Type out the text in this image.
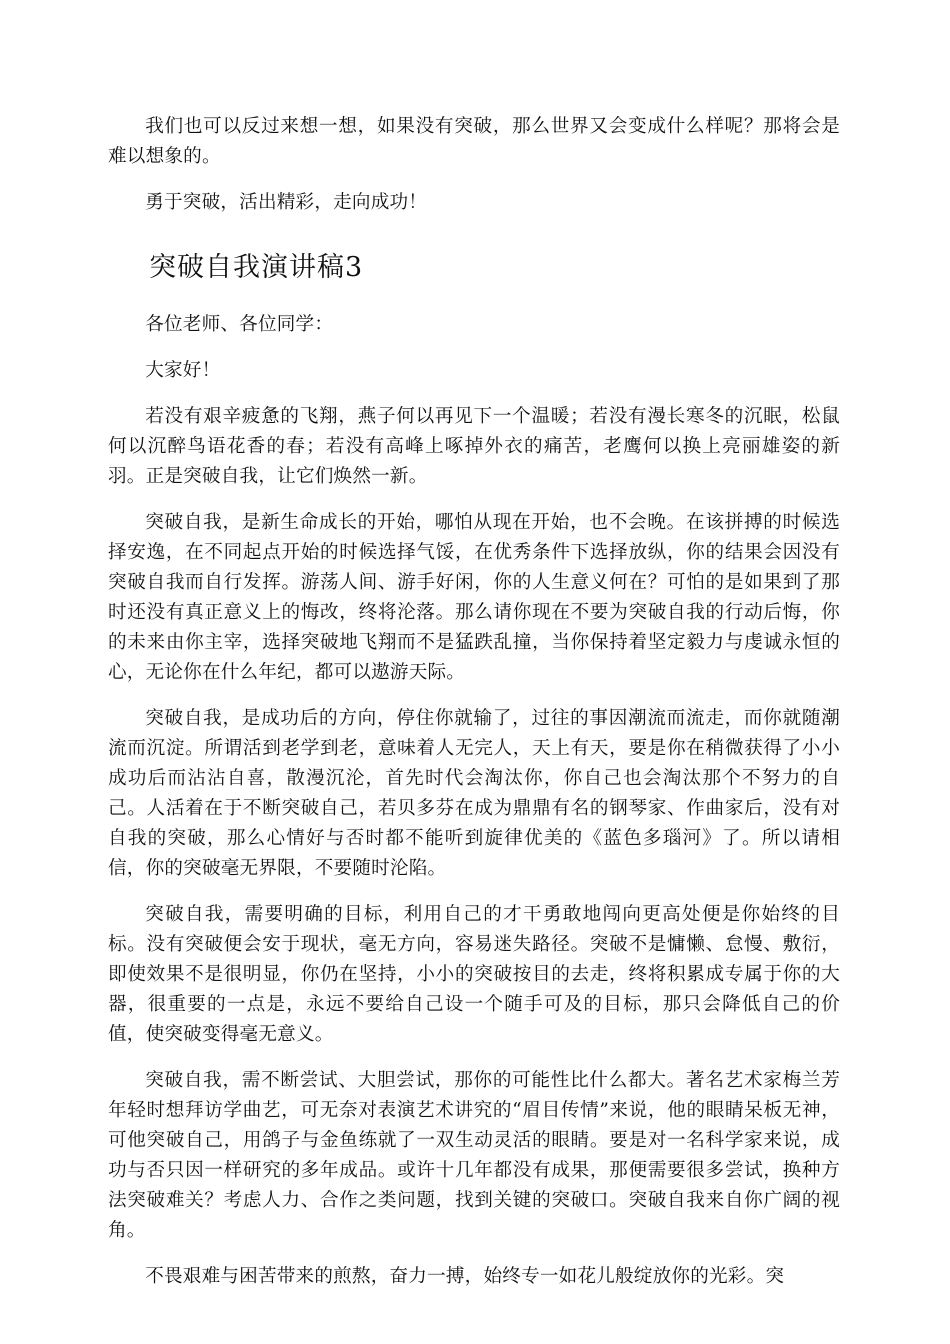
我们也可以反过来想一想，如果没有突破，那么世界又会变成什么样呢？那将会是难以想象的。

勇于突破，活出精彩，走向成功！

突破自我演讲稿3

各位老师、各位同学：

大家好！

若没有艰辛疲惫的飞翔，燕子何以再见下一个温暖；若没有漫长寒冬的沉眠，松鼠何以沉醉鸟语花香的春；若没有高峰上啄掉外衣的痛苦，老鹰何以换上亮丽雄姿的新羽。正是突破自我，让它们焕然一新。

突破自我，是新生命成长的开始，哪怕从现在开始，也不会晚。在该拼搏的时候选择安逸，在不同起点开始的时候选择气馁，在优秀条件下选择放纵，你的结果会因没有突破自我而自行发挥。游荡人间、游手好闲，你的人生意义何在？可怕的是如果到了那时还没有真正意义上的悔改，终将沦落。那么请你现在不要为突破自我的行动后悔，你的未来由你主宰，选择突破地飞翔而不是猛跌乱撞，当你保持着坚定毅力与虔诚永恒的心，无论你在什么年纪，都可以遨游天际。

突破自我，是成功后的方向，停住你就输了，过往的事因潮流而流走，而你就随潮流而沉淀。所谓活到老学到老，意味着人无完人，天上有天，要是你在稍微获得了小小成功后而沾沾自喜，散漫沉沦，首先时代会淘汰你，你自己也会淘汰那个不努力的自己。人活着在于不断突破自己，若贝多芬在成为鼎鼎有名的钢琴家、作曲家后，没有对自我的突破，那么心情好与否时都不能听到旋律优美的《蓝色多瑙河》了。所以请相信，你的突破毫无界限，不要随时沦陷。

突破自我，需要明确的目标，利用自己的才干勇敢地闯向更高处便是你始终的目标。没有突破便会安于现状，毫无方向，容易迷失路径。突破不是慵懒、怠慢、敷衍，即使效果不是很明显，你仍在坚持，小小的突破按目的去走，终将积累成专属于你的大器，很重要的一点是，永远不要给自己设一个随手可及的目标，那只会降低自己的价值，使突破变得毫无意义。

突破自我，需不断尝试、大胆尝试，那你的可能性比什么都大。著名艺术家梅兰芳年轻时想拜访学曲艺，可无奈对表演艺术讲究的“眉目传情”来说，他的眼睛呆板无神，可他突破自己，用鸽子与金鱼练就了一双生动灵活的眼睛。要是对一名科学家来说，成功与否只因一样研究的多年成品。或许十几年都没有成果，那便需要很多尝试，换种方法突破难关？考虑人力、合作之类问题，找到关键的突破口。突破自我来自你广阔的视角。

不畏艰难与困苦带来的煎熬，奋力一搏，始终专一如花儿般绽放你的光彩。突
